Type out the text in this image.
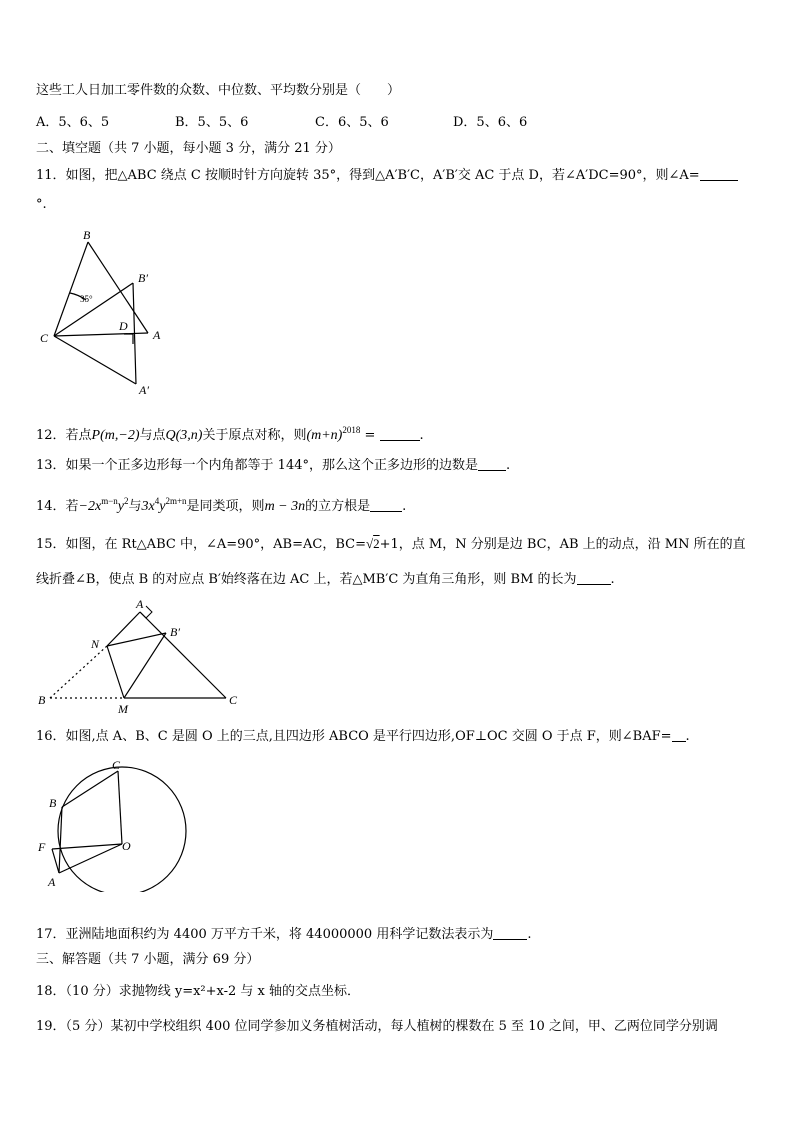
这些工人日加工零件数的众数、中位数、平均数分别是（　　）
A．5、6、5	B．5、5、6	C．6、5、6	D．5、6、6
二、填空题（共 7 小题，每小题 3 分，满分 21 分）
11．如图，把△ABC 绕点 C 按顺时针方向旋转 35°，得到△A′B′C，A′B′交 AC 于点 D，若∠A′DC=90°，则∠A=
°.
B
B′
C
D
A
A′
35°
12．若点P(m,−2)与点Q(3,n)关于原点对称，则$(m+n)^{2018}$ =	.
13．如果一个正多边形每一个内角都等于 144°，那么这个正多边形的边数是 .
14．若$-2x^{m-n}y^2$与$3x^4y^{2m+n}$是同类项，则m − 3n的立方根是 .
15．如图，在 Rt△ABC 中，∠A=90°，AB=AC，BC=√2+1，点 M，N 分别是边 BC，AB 上的动点，沿 MN 所在的直
线折叠∠B，使点 B 的对应点 B′始终落在边 AC 上，若△MB′C 为直角三角形，则 BM 的长为	.
A
B′
N
B
M
C
16．如图,点 A、B、C 是圆 O 上的三点,且四边形 ABCO 是平行四边形,OF⊥OC 交圆 O 于点 F，则∠BAF= .
C
B
F	O
A
17．亚洲陆地面积约为 4400 万平方千米，将 44000000 用科学记数法表示为	.
三、解答题（共 7 小题，满分 69 分）
18．（10 分）求抛物线 y=x²+x-2 与 x 轴的交点坐标．
19．（5 分）某初中学校组织 400 位同学参加义务植树活动，每人植树的棵数在 5 至 10 之间，甲、乙两位同学分别调
